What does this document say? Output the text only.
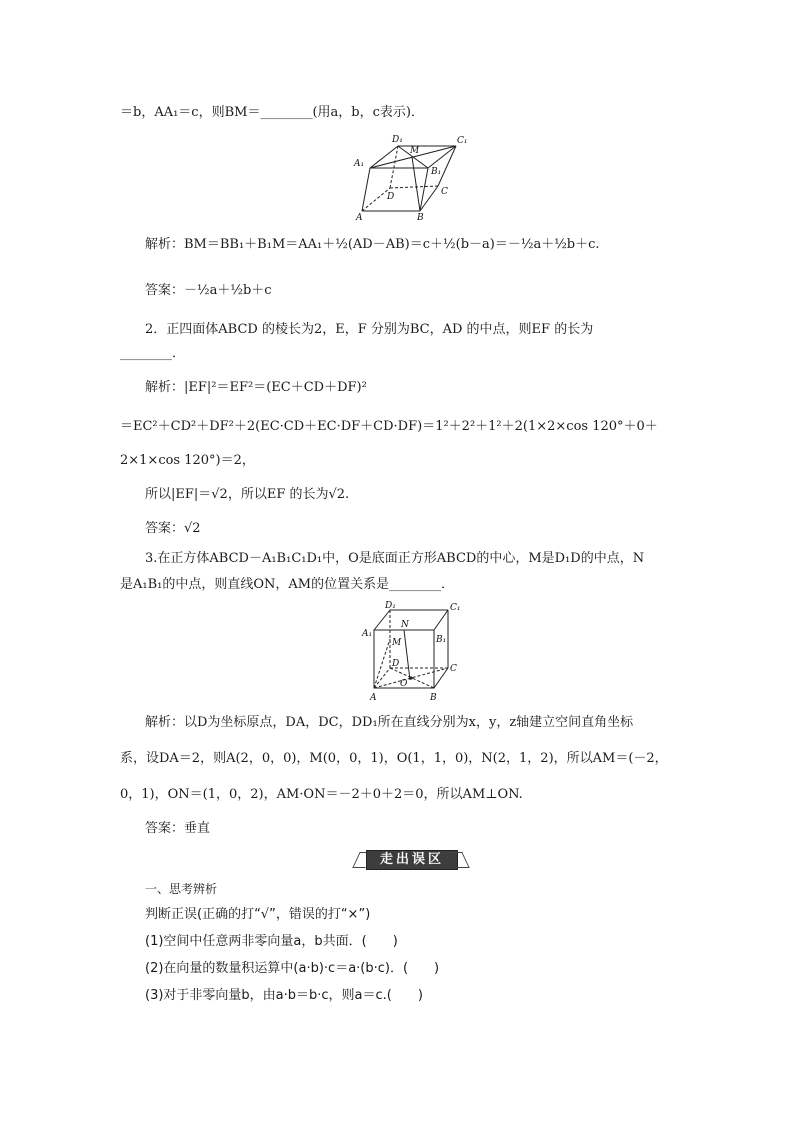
＝b，AA₁＝c，则BM＝________(用a，b，c表示)．
D₁
M
C₁
A₁
B₁
D	C
A	B
解析：BM＝BB₁＋B₁M＝AA₁＋½(AD－AB)＝c＋½(b－a)＝－½a＋½b＋c.
答案：－½a＋½b＋c
2．正四面体ABCD 的棱长为2，E，F 分别为BC，AD 的中点，则EF 的长为
________．
解析：|EF|²＝EF²＝(EC＋CD＋DF)²
＝EC²＋CD²＋DF²＋2(EC·CD＋EC·DF＋CD·DF)＝1²＋2²＋1²＋2(1×2×cos 120°＋0＋
2×1×cos 120°)＝2，
所以|EF|＝√2，所以EF 的长为√2.
答案：√2
3.在正方体ABCD－A₁B₁C₁D₁中，O是底面正方形ABCD的中心，M是D₁D的中点，N
是A₁B₁的中点，则直线ON，AM的位置关系是________．
D₁	C₁
A₁
N
B₁
M
D	C
O
A	B
解析：以D为坐标原点，DA，DC，DD₁所在直线分别为x，y，z轴建立空间直角坐标
系，设DA＝2，则A(2，0，0)，M(0，0，1)，O(1，1，0)，N(2，1，2)，所以AM＝(－2，
0，1)，ON＝(1，0，2)，AM·ON＝－2＋0＋2＝0，所以AM⊥ON.
答案：垂直
走出误区
一、思考辨析
判断正误(正确的打“√”，错误的打“×”)
(1)空间中任意两非零向量a，b共面．(　　)
(2)在向量的数量积运算中(a·b)·c＝a·(b·c)．(　　)
(3)对于非零向量b，由a·b＝b·c，则a＝c.(　　)
